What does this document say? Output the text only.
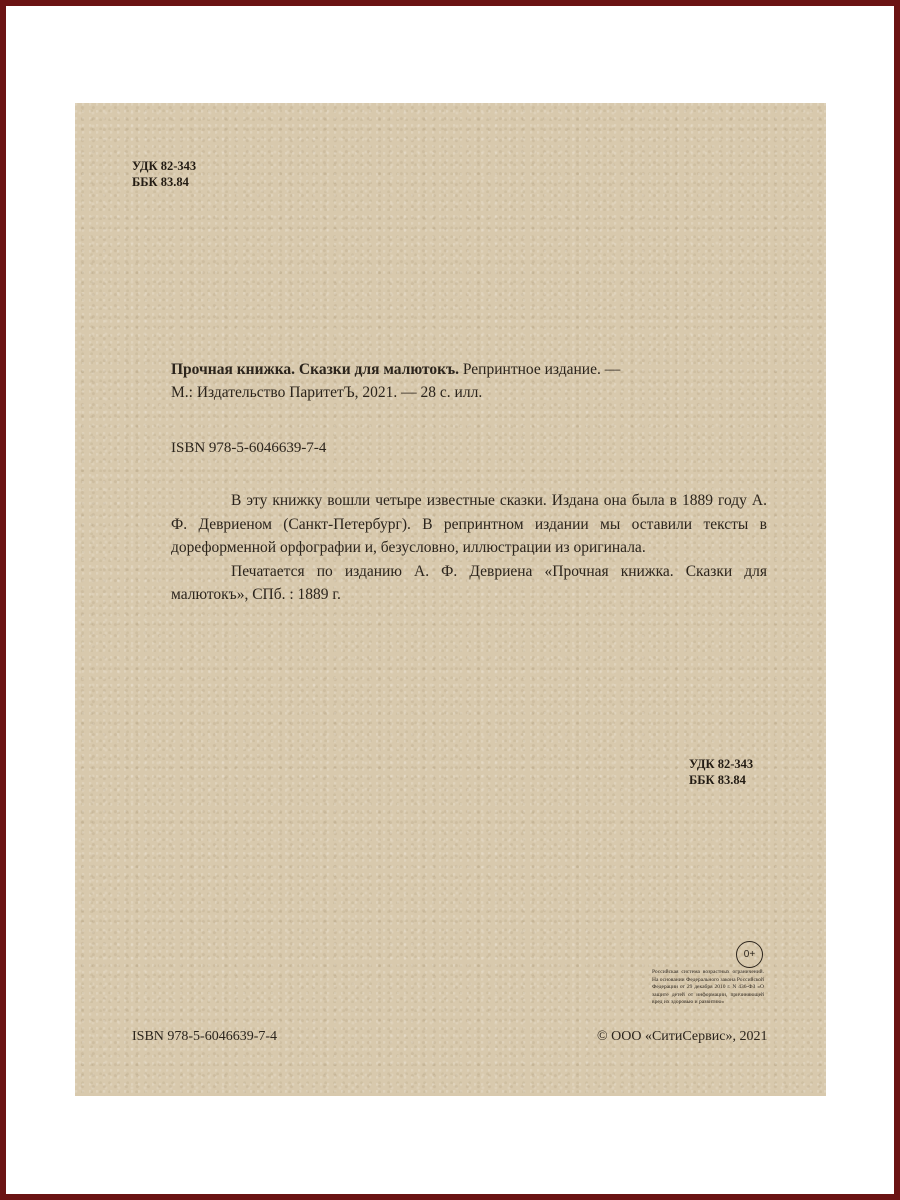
УДК 82-343
ББК 83.84
Прочная книжка. Сказки для малютокъ. Репринтное издание. —
М.: Издательство ПаритетЪ, 2021. — 28 с. илл.
ISBN 978-5-6046639-7-4

В эту книжку вошли четыре известные сказки. Издана она была в 1889 году А. Ф. Девриеном (Санкт-Петербург). В репринтном издании мы оставили тексты в дореформенной орфографии и, безусловно, иллюстрации из оригинала.

Печатается по изданию А. Ф. Девриена «Прочная книжка. Сказки для малютокъ», СПб. : 1889 г.

УДК 82-343
ББК 83.84
0+
Российская система возрастных ограничений. На основании Федерального закона Российской Федерации от 29 декабря 2010 г. N 436-ФЗ «О защите детей от информации, причиняющей вред их здоровью и развитию»
ISBN 978-5-6046639-7-4	© ООО «СитиСервис», 2021
